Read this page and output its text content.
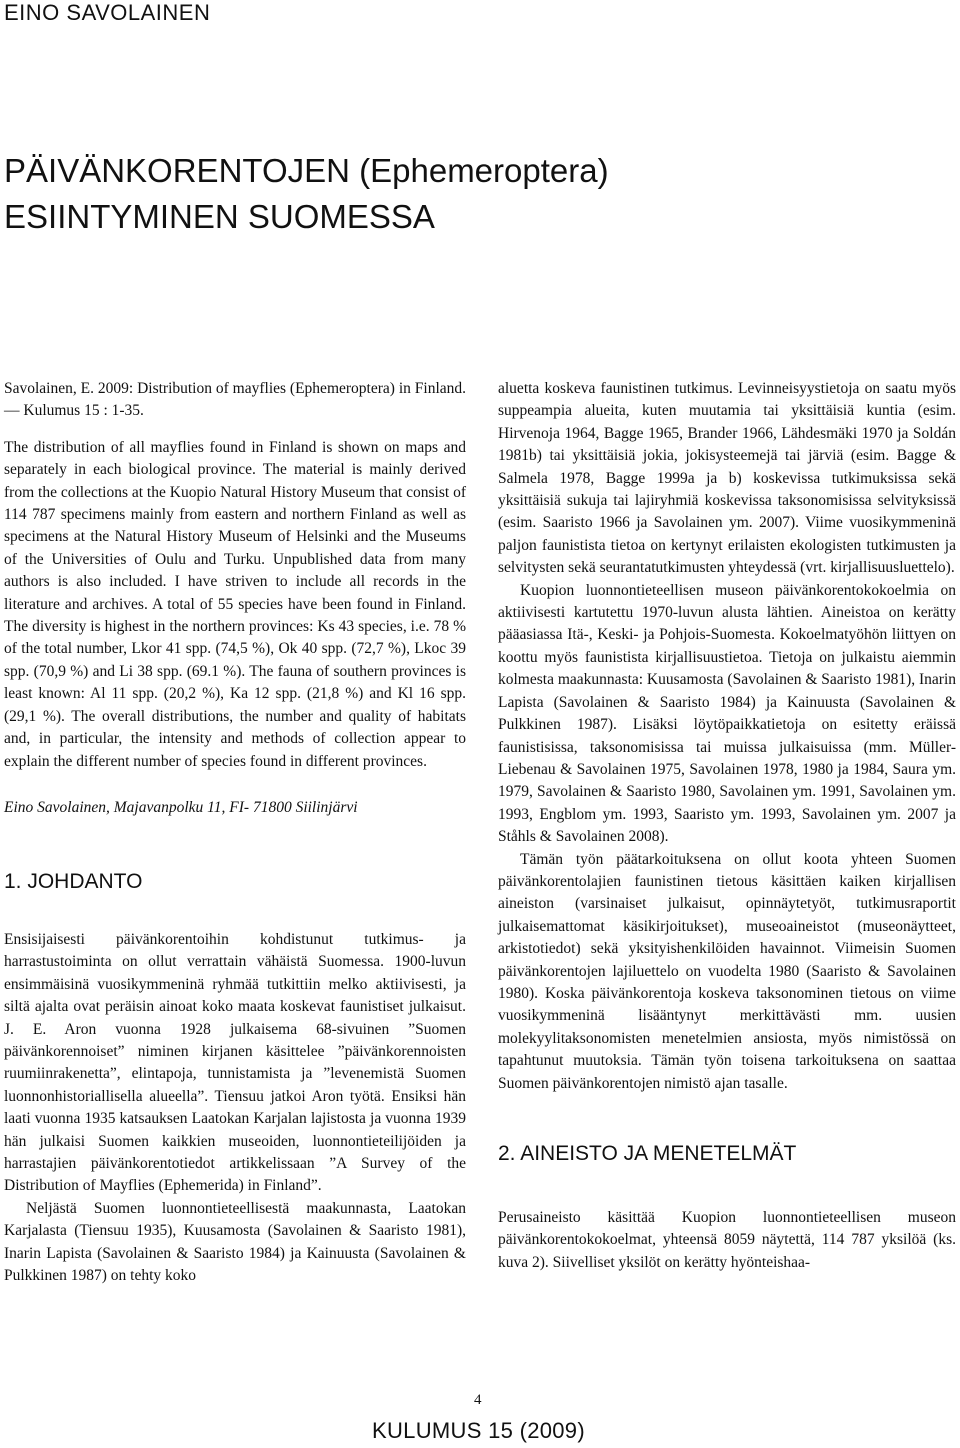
EINO SAVOLAINEN
PÄIVÄNKORENTOJEN (Ephemeroptera)
ESIINTYMINEN SUOMESSA

Savolainen, E. 2009: Distribution of mayflies (Ephemeroptera) in Finland. — Kulumus 15 : 1-35.

The distribution of all mayflies found in Finland is shown on maps and separately in each biological province. The material is mainly derived from the collections at the Kuopio Natural History Museum that consist of 114 787 specimens mainly from eastern and northern Finland as well as specimens at the Natural History Museum of Helsinki and the Museums of the Universities of Oulu and Turku. Unpublished data from many authors is also included. I have striven to include all records in the literature and archives. A total of 55 species have been found in Finland. The diversity is highest in the northern provinces: Ks 43 species, i.e. 78 % of the total number, Lkor 41 spp. (74,5 %), Ok 40 spp. (72,7 %), Lkoc 39 spp. (70,9 %) and Li 38 spp. (69.1 %). The fauna of southern provinces is least known: Al 11 spp. (20,2 %), Ka 12 spp. (21,8 %) and Kl 16 spp. (29,1 %). The overall distributions, the number and quality of habitats and, in particular, the intensity and methods of collection appear to explain the different number of species found in different provinces.

Eino Savolainen, Majavanpolku 11, FI- 71800 Siilinjärvi
1. JOHDANTO

Ensisijaisesti päivänkorentoihin kohdistunut tutkimus- ja harrastustoiminta on ollut verrattain vähäistä Suomessa. 1900-luvun ensimmäisinä vuosikymmeninä ryhmää tutkittiin melko aktiivisesti, ja siltä ajalta ovat peräisin ainoat koko maata koskevat faunistiset julkaisut. J. E. Aron vuonna 1928 julkaisema 68-sivuinen ”Suomen päivänkorennoiset” niminen kirjanen käsittelee ”päivänkorennoisten ruumiinrakenetta”, elintapoja, tunnistamista ja ”levenemistä Suomen luonnonhistoriallisella alueella”. Tiensuu jatkoi Aron työtä. Ensiksi hän laati vuonna 1935 katsauksen Laatokan Karjalan lajistosta ja vuonna 1939 hän julkaisi Suomen kaikkien museoiden, luonnontieteilijöiden ja harrastajien päivänkorentotiedot artikkelissaan ”A Survey of the Distribution of Mayflies (Ephemerida) in Finland”.

Neljästä Suomen luonnontieteellisestä maakunnasta, Laatokan Karjalasta (Tiensuu 1935), Kuusamosta (Savolainen & Saaristo 1981), Inarin Lapista (Savolainen & Saaristo 1984) ja Kainuusta (Savolainen & Pulkkinen 1987) on tehty koko

aluetta koskeva faunistinen tutkimus. Levinneisyystietoja on saatu myös suppeampia alueita, kuten muutamia tai yksittäisiä kuntia (esim. Hirvenoja 1964, Bagge 1965, Brander 1966, Lähdesmäki 1970 ja Soldán 1981b) tai yksittäisiä jokia, jokisysteemejä tai järviä (esim. Bagge & Salmela 1978, Bagge 1999a ja b) koskevissa tutkimuksissa sekä yksittäisiä sukuja tai lajiryhmiä koskevissa taksonomisissa selvityksissä (esim. Saaristo 1966 ja Savolainen ym. 2007). Viime vuosikymmeninä paljon faunistista tietoa on kertynyt erilaisten ekologisten tutkimusten ja selvitysten sekä seurantatutkimusten yhteydessä (vrt. kirjallisuusluettelo).

Kuopion luonnontieteellisen museon päivänkorentokokoelmia on aktiivisesti kartutettu 1970-luvun alusta lähtien. Aineistoa on kerätty pääasiassa Itä-, Keski- ja Pohjois-Suomesta. Kokoelmatyöhön liittyen on koottu myös faunistista kirjallisuustietoa. Tietoja on julkaistu aiemmin kolmesta maakunnasta: Kuusamosta (Savolainen & Saaristo 1981), Inarin Lapista (Savolainen & Saaristo 1984) ja Kainuusta (Savolainen & Pulkkinen 1987). Lisäksi löytöpaikkatietoja on esitetty eräissä faunistisissa, taksonomisissa tai muissa julkaisuissa (mm. Müller-Liebenau & Savolainen 1975, Savolainen 1978, 1980 ja 1984, Saura ym. 1979, Savolainen & Saaristo 1980, Savolainen ym. 1991, Savolainen ym. 1993, Engblom ym. 1993, Saaristo ym. 1993, Savolainen ym. 2007 ja Ståhls & Savolainen 2008).

Tämän työn päätarkoituksena on ollut koota yhteen Suomen päivänkorentolajien faunistinen tietous käsittäen kaiken kirjallisen aineiston (varsinaiset julkaisut, opinnäytetyöt, tutkimusraportit julkaisemattomat käsikirjoitukset), museoaineistot (museonäytteet, arkistotiedot) sekä yksityishenkilöiden havainnot. Viimeisin Suomen päivänkorentojen lajiluettelo on vuodelta 1980 (Saaristo & Savolainen 1980). Koska päivänkorentoja koskeva taksonominen tietous on viime vuosikymmeninä lisääntynyt merkittävästi mm. uusien molekyylitaksonomisten menetelmien ansiosta, myös nimistössä on tapahtunut muutoksia. Tämän työn toisena tarkoituksena on saattaa Suomen päivänkorentojen nimistö ajan tasalle.

2. AINEISTO JA MENETELMÄT

Perusaineisto käsittää Kuopion luonnontieteellisen museon päivänkorentokokoelmat, yhteensä 8059 näytettä, 114 787 yksilöä (ks. kuva 2). Siivelliset yksilöt on kerätty hyönteishaa-

4
KULUMUS 15 (2009)
